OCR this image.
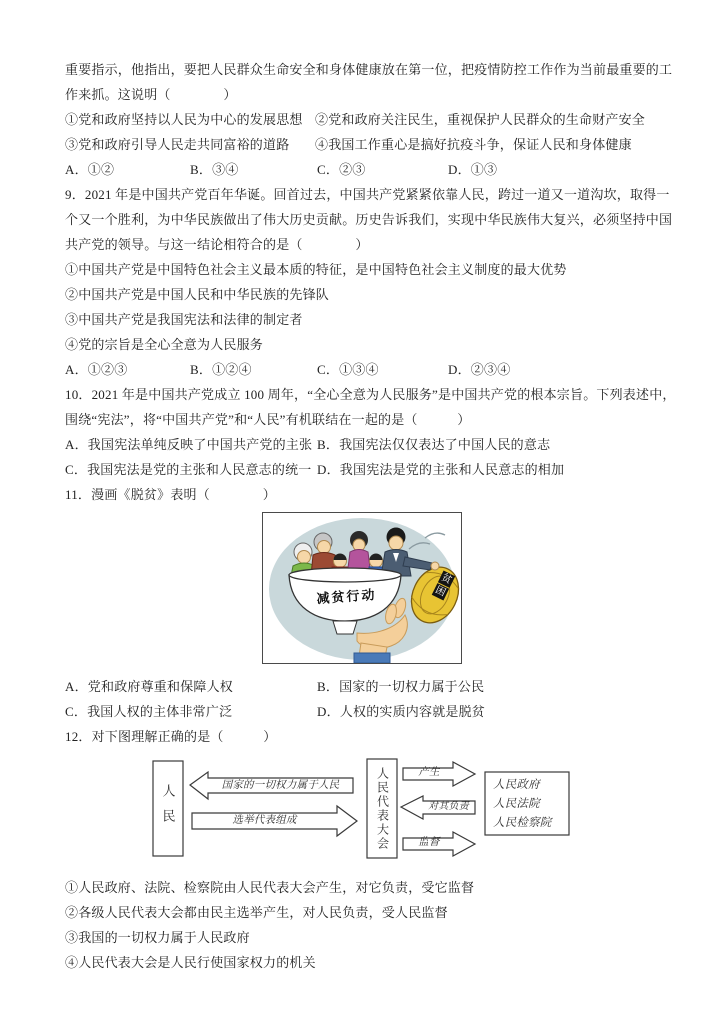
重要指示，他指出，要把人民群众生命安全和身体健康放在第一位，把疫情防控工作作为当前最重要的工
作来抓。这说明（　　　　）
①党和政府坚持以人民为中心的发展思想 ②党和政府关注民生，重视保护人民群众的生命财产安全
③党和政府引导人民走共同富裕的道路	④我国工作重心是搞好抗疫斗争，保证人民和身体健康
A．①②	B．③④	C．②③	D．①③
9．2021 年是中国共产党百年华诞。回首过去，中国共产党紧紧依靠人民，跨过一道又一道沟坎，取得一
个又一个胜利，为中华民族做出了伟大历史贡献。历史告诉我们，实现中华民族伟大复兴，必须坚持中国
共产党的领导。与这一结论相符合的是（　　　　）
①中国共产党是中国特色社会主义最本质的特征，是中国特色社会主义制度的最大优势
②中国共产党是中国人民和中华民族的先锋队
③中国共产党是我国宪法和法律的制定者
④党的宗旨是全心全意为人民服务
A．①②③	B．①②④	C．①③④	D．②③④
10．2021 年是中国共产党成立 100 周年，“全心全意为人民服务”是中国共产党的根本宗旨。下列表述中，
围绕“宪法”，将“中国共产党”和“人民”有机联结在一起的是（　　　）
A．我国宪法单纯反映了中国共产党的主张 B．我国宪法仅仅表达了中国人民的意志
C．我国宪法是党的主张和人民意志的统一 D．我国宪法是党的主张和人民意志的相加
11．漫画《脱贫》表明（　　　　）
减贫行动
贫
困
A．党和政府尊重和保障人权	B．国家的一切权力属于公民
C．我国人权的主体非常广泛	D．人权的实质内容就是脱贫
12．对下图理解正确的是（　　　）
人民	人民代表大会	人民政府
人民法院
人民检察院
国家的一切权力属于人民
选举代表组成
产生
对其负责
监督
①人民政府、法院、检察院由人民代表大会产生，对它负责，受它监督
②各级人民代表大会都由民主选举产生，对人民负责，受人民监督
③我国的一切权力属于人民政府
④人民代表大会是人民行使国家权力的机关
